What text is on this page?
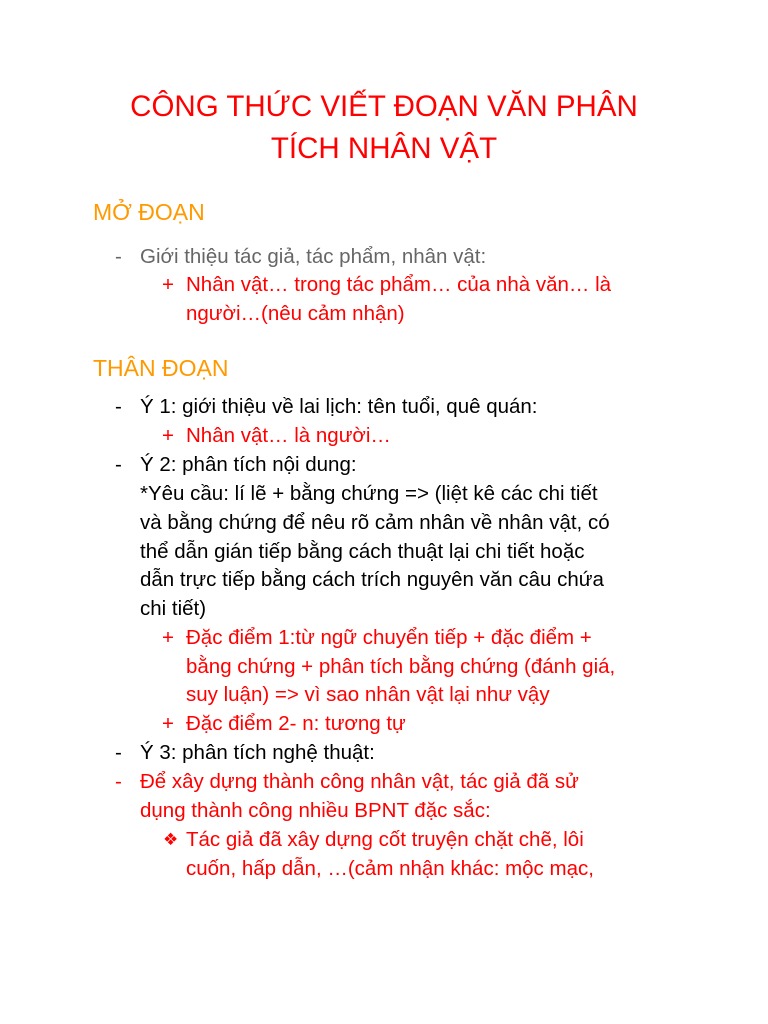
CÔNG THỨC VIẾT ĐOẠN VĂN PHÂN
TÍCH NHÂN VẬT
MỞ ĐOẠN
- Giới thiệu tác giả, tác phẩm, nhân vật:
+ Nhân vật… trong tác phẩm… của nhà văn… là
người…(nêu cảm nhận)
THÂN ĐOẠN
- Ý 1: giới thiệu về lai lịch: tên tuổi, quê quán:
+ Nhân vật… là người…
- Ý 2: phân tích nội dung:
*Yêu cầu: lí lẽ + bằng chứng => (liệt kê các chi tiết
và bằng chứng để nêu rõ cảm nhân về nhân vật, có
thể dẫn gián tiếp bằng cách thuật lại chi tiết hoặc
dẫn trực tiếp bằng cách trích nguyên văn câu chứa
chi tiết)
+ Đặc điểm 1:từ ngữ chuyển tiếp + đặc điểm +
bằng chứng + phân tích bằng chứng (đánh giá,
suy luận) => vì sao nhân vật lại như vậy
+ Đặc điểm 2- n: tương tự
- Ý 3: phân tích nghệ thuật:
- Để xây dựng thành công nhân vật, tác giả đã sử
dụng thành công nhiều BPNT đặc sắc:
❖ Tác giả đã xây dựng cốt truyện chặt chẽ, lôi
cuốn, hấp dẫn, …(cảm nhận khác: mộc mạc,
